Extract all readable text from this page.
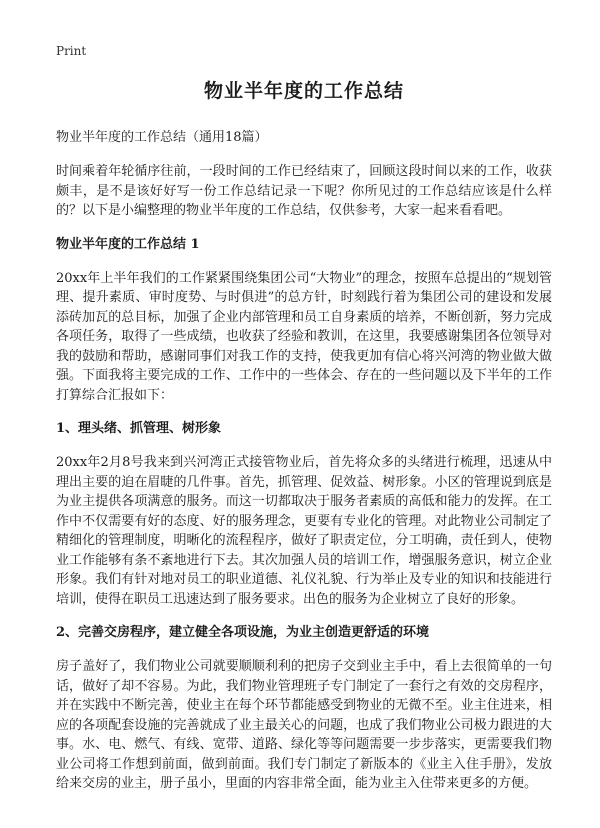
Print
物业半年度的工作总结
物业半年度的工作总结（通用18篇）
时间乘着年轮循序往前，一段时间的工作已经结束了，回顾这段时间以来的工作，收获颇丰，是不是该好好写一份工作总结记录一下呢？你所见过的工作总结应该是什么样的？以下是小编整理的物业半年度的工作总结，仅供参考，大家一起来看看吧。
物业半年度的工作总结 1
20xx年上半年我们的工作紧紧围绕集团公司“大物业”的理念，按照车总提出的“规划管理、提升素质、审时度势、与时俱进”的总方针，时刻践行着为集团公司的建设和发展添砖加瓦的总目标，加强了企业内部管理和员工自身素质的培养，不断创新，努力完成各项任务，取得了一些成绩，也收获了经验和教训，在这里，我要感谢集团各位领导对我的鼓励和帮助，感谢同事们对我工作的支持，使我更加有信心将兴河湾的物业做大做强。下面我将主要完成的工作、工作中的一些体会、存在的一些问题以及下半年的工作打算综合汇报如下：
1、理头绪、抓管理、树形象
20xx年2月8号我来到兴河湾正式接管物业后，首先将众多的头绪进行梳理，迅速从中理出主要的迫在眉睫的几件事。首先，抓管理、促效益、树形象。小区的管理说到底是为业主提供各项满意的服务。而这一切都取决于服务者素质的高低和能力的发挥。在工作中不仅需要有好的态度、好的服务理念，更要有专业化的管理。对此物业公司制定了精细化的管理制度，明晰化的流程程序，做好了职责定位，分工明确，责任到人，使物业工作能够有条不紊地进行下去。其次加强人员的培训工作，增强服务意识，树立企业形象。我们有针对地对员工的职业道德、礼仪礼貌、行为举止及专业的知识和技能进行培训，使得在职员工迅速达到了服务要求。出色的服务为企业树立了良好的形象。
2、完善交房程序，建立健全各项设施，为业主创造更舒适的环境
房子盖好了，我们物业公司就要顺顺利利的把房子交到业主手中，看上去很简单的一句话，做好了却不容易。为此，我们物业管理班子专门制定了一套行之有效的交房程序，并在实践中不断完善，使业主在每个环节都能感受到物业的无微不至。业主住进来，相应的各项配套设施的完善就成了业主最关心的问题，也成了我们物业公司极力跟进的大事。水、电、燃气、有线、宽带、道路、绿化等等问题需要一步步落实，更需要我们物业公司将工作想到前面，做到前面。我们专门制定了新版本的《业主入住手册》，发放给来交房的业主，册子虽小，里面的内容非常全面，能为业主入住带来更多的方便。
